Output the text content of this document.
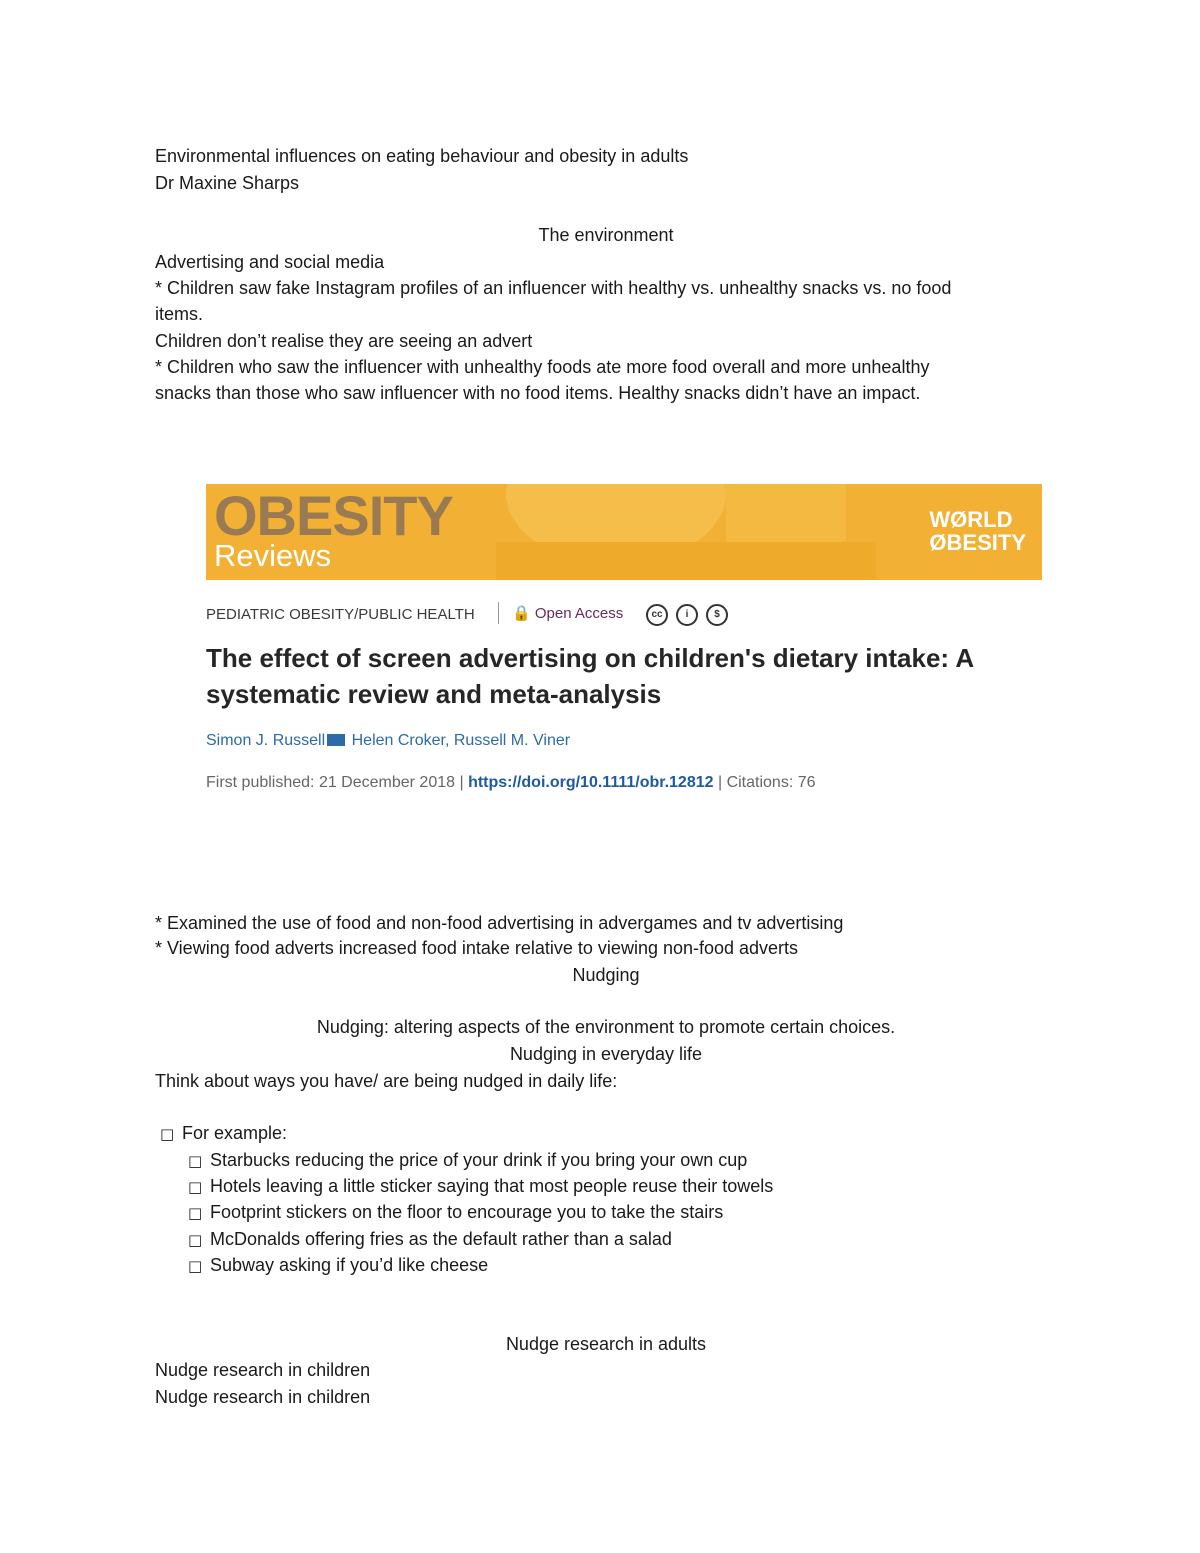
Environmental influences on eating behaviour and obesity in adults
Dr Maxine Sharps
The environment
Advertising and social media
* Children saw fake Instagram profiles of an influencer with healthy vs. unhealthy snacks vs. no food
items.
Children don’t realise they are seeing an advert
* Children who saw the influencer with unhealthy foods ate more food overall and more unhealthy
snacks than those who saw influencer with no food items. Healthy snacks didn’t have an impact.
OBESITY
Reviews
WØRLD
ØBESITY
PEDIATRIC OBESITY/PUBLIC HEALTH 🔒 Open Access	cc	i	$
The effect of screen advertising on children's dietary intake: A systematic review and meta-analysis
Simon J. Russell Helen Croker, Russell M. Viner
First published: 21 December 2018 | https://doi.org/10.1111/obr.12812 | Citations: 76
* Examined the use of food and non-food advertising in advergames and tv advertising
* Viewing food adverts increased food intake relative to viewing non-food adverts
Nudging
Nudging: altering aspects of the environment to promote certain choices.
Nudging in everyday life
Think about ways you have/ are being nudged in daily life:
□ For example:
□ Starbucks reducing the price of your drink if you bring your own cup
□ Hotels leaving a little sticker saying that most people reuse their towels
□ Footprint stickers on the floor to encourage you to take the stairs
□ McDonalds offering fries as the default rather than a salad
□ Subway asking if you’d like cheese
Nudge research in adults
Nudge research in children
Nudge research in children
